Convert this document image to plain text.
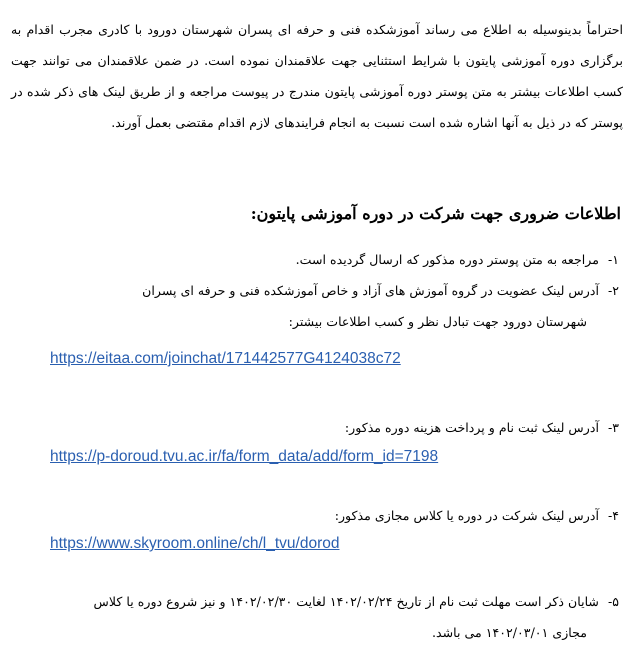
احتراماً بدینوسیله به اطلاع می رساند آموزشکده فنی و حرفه ای پسران شهرستان دورود با کادری مجرب اقدام به برگزاری دوره آموزشی پایتون با شرایط استثنایی جهت علاقمندان نموده است. در ضمن علاقمندان می توانند جهت کسب اطلاعات بیشتر به متن پوستر دوره آموزشی پایتون مندرج در پیوست مراجعه و از طریق لینک های ذکر شده در پوستر که در ذیل به آنها اشاره شده است نسبت به انجام فرایندهای لازم اقدام مقتضی بعمل آورند.

اطلاعات ضروری جهت شرکت در دوره آموزشی پایتون:
۱- مراجعه به متن پوستر دوره مذکور که ارسال گردیده است.
۲- آدرس لینک عضویت در گروه آموزش های آزاد و خاص آموزشکده فنی و حرفه ای پسران
شهرستان دورود جهت تبادل نظر و کسب اطلاعات بیشتر:
https://eitaa.com/joinchat/171442577G4124038c72
۳- آدرس لینک ثبت نام و پرداخت هزینه دوره مذکور:
https://p-doroud.tvu.ac.ir/fa/form_data/add/form_id=7198
۴- آدرس لینک شرکت در دوره یا کلاس مجازی مذکور:
https://www.skyroom.online/ch/l_tvu/dorod
۵- شایان ذکر است مهلت ثبت نام از تاریخ ۱۴۰۲/۰۲/۲۴ لغایت ۱۴۰۲/۰۲/۳۰ و نیز شروع دوره یا کلاس
مجازی ۱۴۰۲/۰۳/۰۱ می باشد.
